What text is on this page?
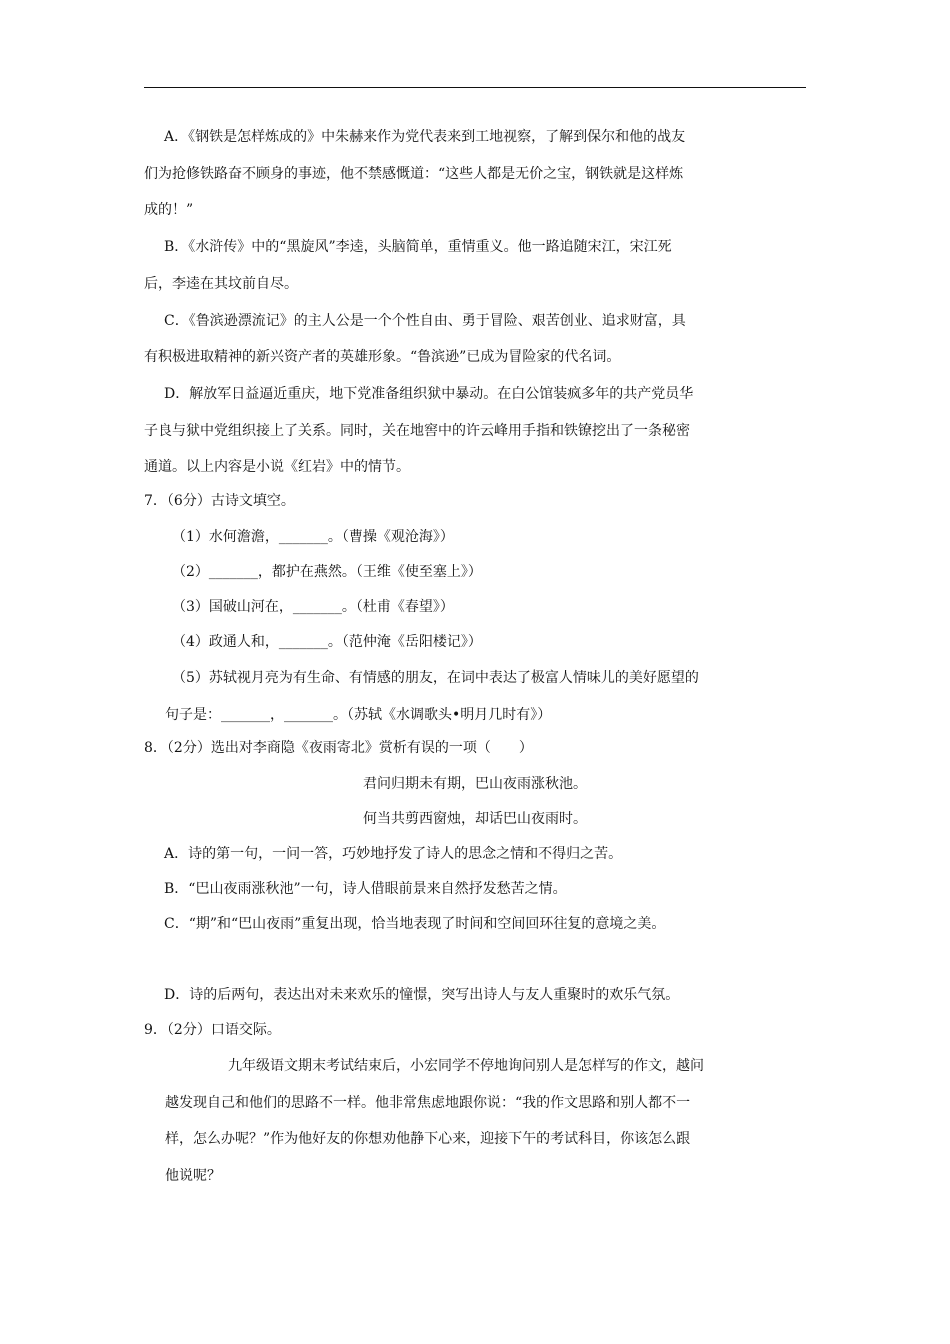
A．《钢铁是怎样炼成的》中朱赫来作为党代表来到工地视察，了解到保尔和他的战友
们为抢修铁路奋不顾身的事迹，他不禁感慨道：“这些人都是无价之宝，钢铁就是这样炼
成的！”
B．《水浒传》中的“黑旋风”李逵，头脑简单，重情重义。他一路追随宋江，宋江死
后，李逵在其坟前自尽。
C．《鲁滨逊漂流记》的主人公是一个个性自由、勇于冒险、艰苦创业、追求财富，具
有积极进取精神的新兴资产者的英雄形象。“鲁滨逊”已成为冒险家的代名词。
D．解放军日益逼近重庆，地下党准备组织狱中暴动。在白公馆装疯多年的共产党员华
子良与狱中党组织接上了关系。同时，关在地窖中的许云峰用手指和铁镣挖出了一条秘密
通道。以上内容是小说《红岩》中的情节。
7．（6分）古诗文填空。
（1）水何澹澹，_______。（曹操《观沧海》）
（2）_______，都护在燕然。（王维《使至塞上》）
（3）国破山河在，_______。（杜甫《春望》）
（4）政通人和，_______。（范仲淹《岳阳楼记》）
（5）苏轼视月亮为有生命、有情感的朋友，在词中表达了极富人情味儿的美好愿望的
句子是：_______，_______。（苏轼《水调歌头•明月几时有》）
8．（2分）选出对李商隐《夜雨寄北》赏析有误的一项（　　）
君问归期未有期，巴山夜雨涨秋池。
何当共剪西窗烛，却话巴山夜雨时。
A．诗的第一句，一问一答，巧妙地抒发了诗人的思念之情和不得归之苦。
B．“巴山夜雨涨秋池”一句，诗人借眼前景来自然抒发愁苦之情。
C．“期”和“巴山夜雨”重复出现，恰当地表现了时间和空间回环往复的意境之美。
D．诗的后两句，表达出对未来欢乐的憧憬，突写出诗人与友人重聚时的欢乐气氛。
9．（2分）口语交际。
九年级语文期末考试结束后，小宏同学不停地询问别人是怎样写的作文，越问
越发现自己和他们的思路不一样。他非常焦虑地跟你说：“我的作文思路和别人都不一
样，怎么办呢？”作为他好友的你想劝他静下心来，迎接下午的考试科目，你该怎么跟
他说呢？
